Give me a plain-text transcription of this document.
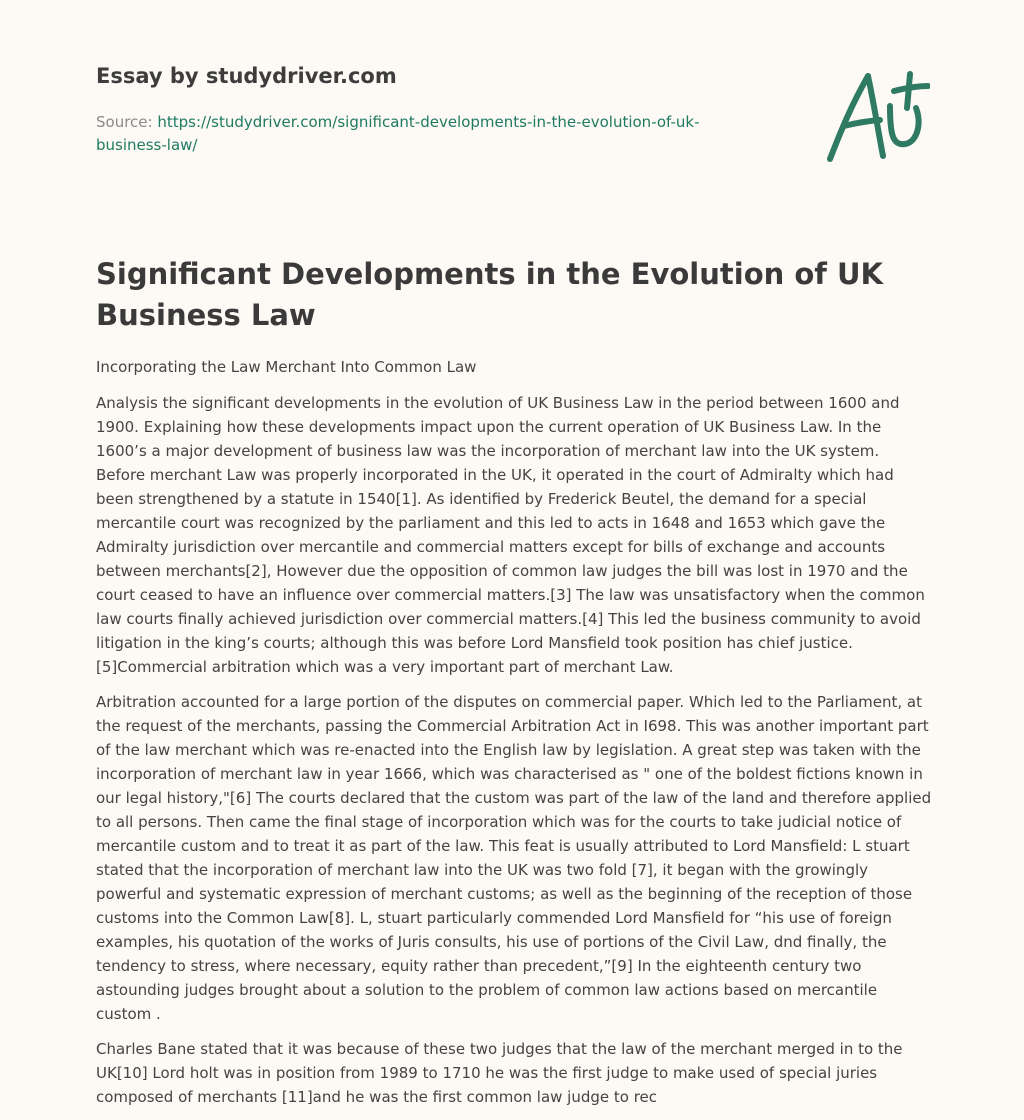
Essay by studydriver.com
Source: https://studydriver.com/significant-developments-in-the-evolution-of-uk-business-law/
A+
Significant Developments in the Evolution of UK Business Law

Incorporating the Law Merchant Into Common Law

Analysis the significant developments in the evolution of UK Business Law in the period between 1600 and 1900. Explaining how these developments impact upon the current operation of UK Business Law. In the 1600’s a major development of business law was the incorporation of merchant law into the UK system. Before merchant Law was properly incorporated in the UK, it operated in the court of Admiralty which had been strengthened by a statute in 1540[1]. As identified by Frederick Beutel, the demand for a special mercantile court was recognized by the parliament and this led to acts in 1648 and 1653 which gave the Admiralty jurisdiction over mercantile and commercial matters except for bills of exchange and accounts between merchants[2], However due the opposition of common law judges the bill was lost in 1970 and the court ceased to have an influence over commercial matters.[3] The law was unsatisfactory when the common law courts finally achieved jurisdiction over commercial matters.[4] This led the business community to avoid litigation in the king’s courts; although this was before Lord Mansfield took position has chief justice.[5]Commercial arbitration which was a very important part of merchant Law.

Arbitration accounted for a large portion of the disputes on commercial paper. Which led to the Parliament, at the request of the merchants, passing the Commercial Arbitration Act in I698. This was another important part of the law merchant which was re-enacted into the English law by legislation. A great step was taken with the incorporation of merchant law in year 1666, which was characterised as " one of the boldest fictions known in our legal history,"[6] The courts declared that the custom was part of the law of the land and therefore applied to all persons. Then came the final stage of incorporation which was for the courts to take judicial notice of mercantile custom and to treat it as part of the law. This feat is usually attributed to Lord Mansfield: L stuart stated that the incorporation of merchant law into the UK was two fold [7], it began with the growingly powerful and systematic expression of merchant customs; as well as the beginning of the reception of those customs into the Common Law[8]. L, stuart particularly commended Lord Mansfield for “his use of foreign examples, his quotation of the works of Juris consults, his use of portions of the Civil Law, dnd finally, the tendency to stress, where necessary, equity rather than precedent,”[9] In the eighteenth century two astounding judges brought about a solution to the problem of common law actions based on mercantile custom .

Charles Bane stated that it was because of these two judges that the law of the merchant merged in to the UK[10] Lord holt was in position from 1989 to 1710 he was the first judge to make used of special juries composed of merchants [11]and he was the first common law judge to rec
